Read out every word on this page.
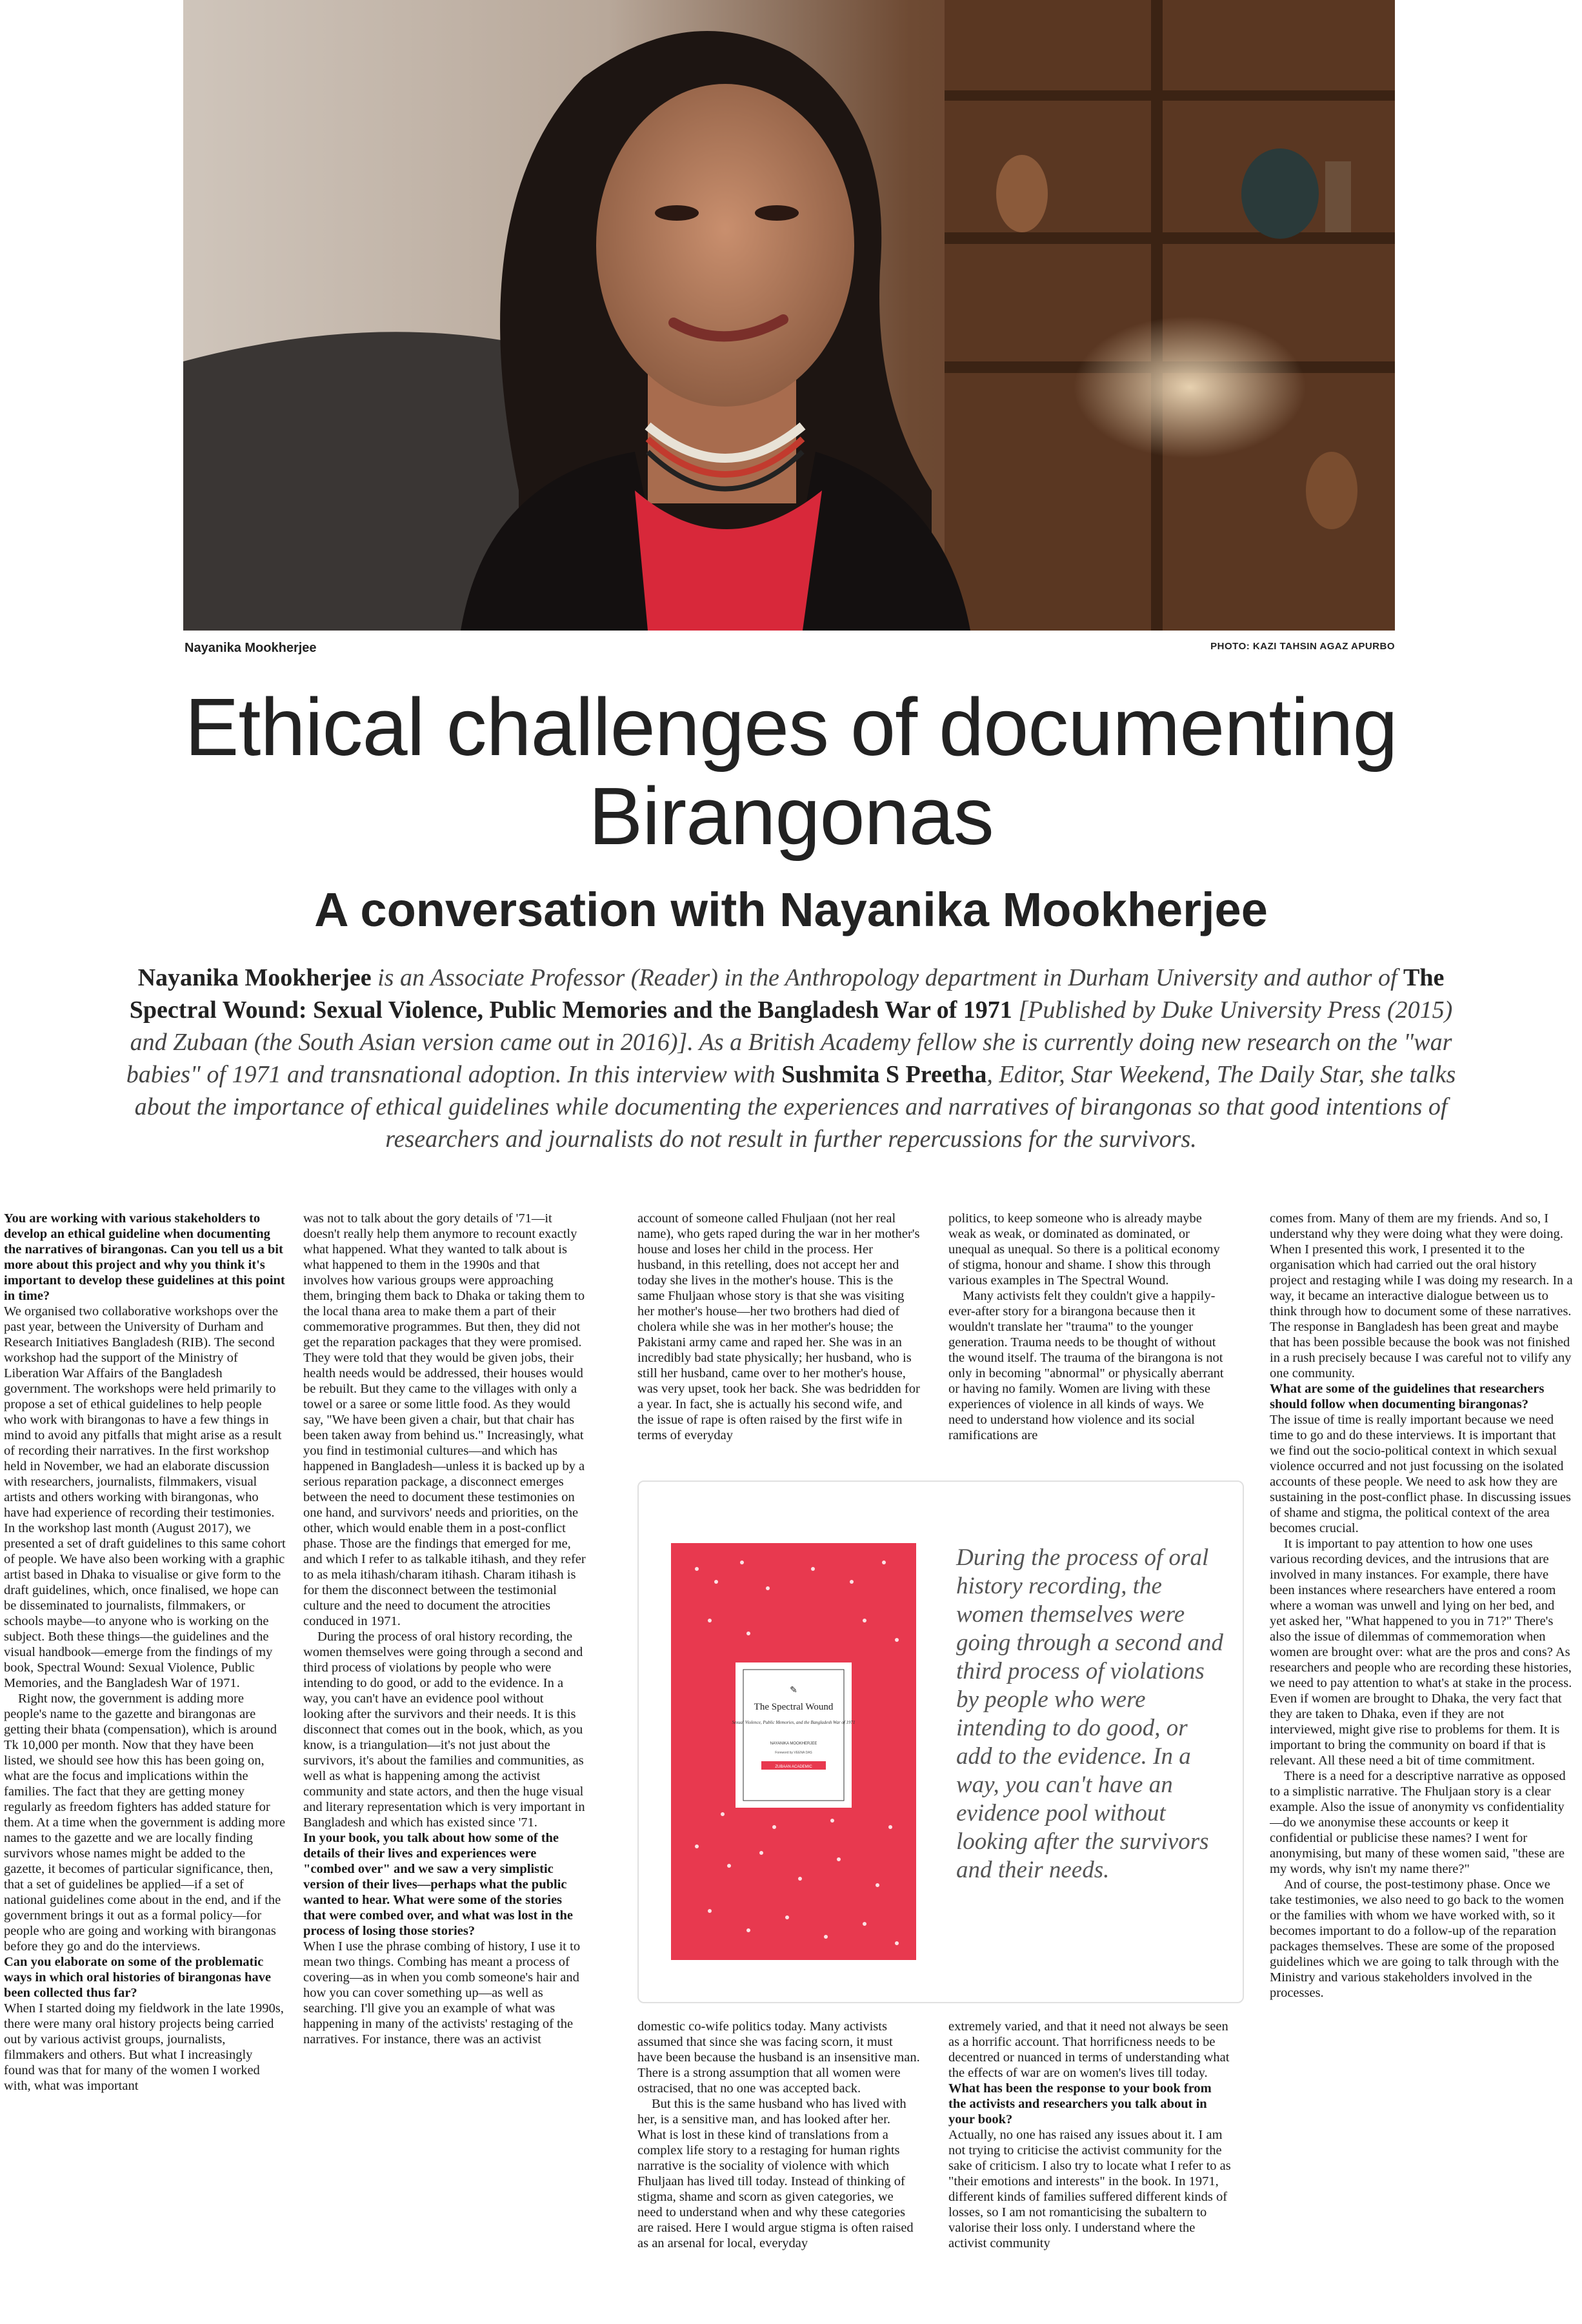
Nayanika Mookherjee	PHOTO: KAZI TAHSIN AGAZ APURBO
Ethical challenges of documenting Birangonas
A conversation with Nayanika Mookherjee

Nayanika Mookherjee is an Associate Professor (Reader) in the Anthropology department in Durham University and author of The Spectral Wound: Sexual Violence, Public Memories and the Bangladesh War of 1971 [Published by Duke University Press (2015) and Zubaan (the South Asian version came out in 2016)]. As a British Academy fellow she is currently doing new research on the "war babies" of 1971 and transnational adoption. In this interview with Sushmita S Preetha, Editor, Star Weekend, The Daily Star, she talks about the importance of ethical guidelines while documenting the experiences and narratives of birangonas so that good intentions of researchers and journalists do not result in further repercussions for the survivors.

You are working with various stakeholders to develop an ethical guideline when documenting the narratives of birangonas. Can you tell us a bit more about this project and why you think it's important to develop these guidelines at this point in time?

We organised two collaborative workshops over the past year, between the University of Durham and Research Initiatives Bangladesh (RIB). The second workshop had the support of the Ministry of Liberation War Affairs of the Bangladesh government. The workshops were held primarily to propose a set of ethical guidelines to help people who work with birangonas to have a few things in mind to avoid any pitfalls that might arise as a result of recording their narratives. In the first workshop held in November, we had an elaborate discussion with researchers, journalists, filmmakers, visual artists and others working with birangonas, who have had experience of recording their testimonies. In the workshop last month (August 2017), we presented a set of draft guidelines to this same cohort of people. We have also been working with a graphic artist based in Dhaka to visualise or give form to the draft guidelines, which, once finalised, we hope can be disseminated to journalists, filmmakers, or schools maybe—to anyone who is working on the subject. Both these things—the guidelines and the visual handbook—emerge from the findings of my book, Spectral Wound: Sexual Violence, Public Memories, and the Bangladesh War of 1971.

Right now, the government is adding more people's name to the gazette and birangonas are getting their bhata (compensation), which is around Tk 10,000 per month. Now that they have been listed, we should see how this has been going on, what are the focus and implications within the families. The fact that they are getting money regularly as freedom fighters has added stature for them. At a time when the government is adding more names to the gazette and we are locally finding survivors whose names might be added to the gazette, it becomes of particular significance, then, that a set of guidelines be applied—if a set of national guidelines come about in the end, and if the government brings it out as a formal policy—for people who are going and working with birangonas before they go and do the interviews.

Can you elaborate on some of the problematic ways in which oral histories of birangonas have been collected thus far?

When I started doing my fieldwork in the late 1990s, there were many oral history projects being carried out by various activist groups, journalists, filmmakers and others. But what I increasingly found was that for many of the women I worked with, what was important

was not to talk about the gory details of '71—it doesn't really help them anymore to recount exactly what happened. What they wanted to talk about is what happened to them in the 1990s and that involves how various groups were approaching them, bringing them back to Dhaka or taking them to the local thana area to make them a part of their commemorative programmes. But then, they did not get the reparation packages that they were promised. They were told that they would be given jobs, their health needs would be addressed, their houses would be rebuilt. But they came to the villages with only a towel or a saree or some little food. As they would say, "We have been given a chair, but that chair has been taken away from behind us." Increasingly, what you find in testimonial cultures—and which has happened in Bangladesh—unless it is backed up by a serious reparation package, a disconnect emerges between the need to document these testimonies on one hand, and survivors' needs and priorities, on the other, which would enable them in a post-conflict phase. Those are the findings that emerged for me, and which I refer to as talkable itihash, and they refer to as mela itihash/charam itihash. Charam itihash is for them the disconnect between the testimonial culture and the need to document the atrocities conduced in 1971.

During the process of oral history recording, the women themselves were going through a second and third process of violations by people who were intending to do good, or add to the evidence. In a way, you can't have an evidence pool without looking after the survivors and their needs. It is this disconnect that comes out in the book, which, as you know, is a triangulation—it's not just about the survivors, it's about the families and communities, as well as what is happening among the activist community and state actors, and then the huge visual and literary representation which is very important in Bangladesh and which has existed since '71.

In your book, you talk about how some of the details of their lives and experiences were "combed over" and we saw a very simplistic version of their lives—perhaps what the public wanted to hear. What were some of the stories that were combed over, and what was lost in the process of losing those stories?

When I use the phrase combing of history, I use it to mean two things. Combing has meant a process of covering—as in when you comb someone's hair and how you can cover something up—as well as searching. I'll give you an example of what was happening in many of the activists' restaging of the narratives. For instance, there was an activist

account of someone called Fhuljaan (not her real name), who gets raped during the war in her mother's house and loses her child in the process. Her husband, in this retelling, does not accept her and today she lives in the mother's house. This is the same Fhuljaan whose story is that she was visiting her mother's house—her two brothers had died of cholera while she was in her mother's house; the Pakistani army came and raped her. She was in an incredibly bad state physically; her husband, who is still her husband, came over to her mother's house, was very upset, took her back. She was bedridden for a year. In fact, she is actually his second wife, and the issue of rape is often raised by the first wife in terms of everyday

politics, to keep someone who is already maybe weak as weak, or dominated as dominated, or unequal as unequal. So there is a political economy of stigma, honour and shame. I show this through various examples in The Spectral Wound.

Many activists felt they couldn't give a happily-ever-after story for a birangona because then it wouldn't translate her "trauma" to the younger generation. Trauma needs to be thought of without the wound itself. The trauma of the birangona is not only in becoming "abnormal" or physically aberrant or having no family. Women are living with these experiences of violence in all kinds of ways. We need to understand how violence and its social ramifications are

domestic co-wife politics today. Many activists assumed that since she was facing scorn, it must have been because the husband is an insensitive man. There is a strong assumption that all women were ostracised, that no one was accepted back.

But this is the same husband who has lived with her, is a sensitive man, and has looked after her. What is lost in these kind of translations from a complex life story to a restaging for human rights narrative is the sociality of violence with which Fhuljaan has lived till today. Instead of thinking of stigma, shame and scorn as given categories, we need to understand when and why these categories are raised. Here I would argue stigma is often raised as an arsenal for local, everyday

extremely varied, and that it need not always be seen as a horrific account. That horrificness needs to be decentred or nuanced in terms of understanding what the effects of war are on women's lives till today.

What has been the response to your book from the activists and researchers you talk about in your book?

Actually, no one has raised any issues about it. I am not trying to criticise the activist community for the sake of criticism. I also try to locate what I refer to as "their emotions and interests" in the book. In 1971, different kinds of families suffered different kinds of losses, so I am not romanticising the subaltern to valorise their loss only. I understand where the activist community

comes from. Many of them are my friends. And so, I understand why they were doing what they were doing. When I presented this work, I presented it to the organisation which had carried out the oral history project and restaging while I was doing my research. In a way, it became an interactive dialogue between us to think through how to document some of these narratives. The response in Bangladesh has been great and maybe that has been possible because the book was not finished in a rush precisely because I was careful not to vilify any one community.

What are some of the guidelines that researchers should follow when documenting birangonas?

The issue of time is really important because we need time to go and do these interviews. It is important that we find out the socio-political context in which sexual violence occurred and not just focussing on the isolated accounts of these people. We need to ask how they are sustaining in the post-conflict phase. In discussing issues of shame and stigma, the political context of the area becomes crucial.

It is important to pay attention to how one uses various recording devices, and the intrusions that are involved in many instances. For example, there have been instances where researchers have entered a room where a woman was unwell and lying on her bed, and yet asked her, "What happened to you in 71?" There's also the issue of dilemmas of commemoration when women are brought over: what are the pros and cons? As researchers and people who are recording these histories, we need to pay attention to what's at stake in the process. Even if women are brought to Dhaka, the very fact that they are taken to Dhaka, even if they are not interviewed, might give rise to problems for them. It is important to bring the community on board if that is relevant. All these need a bit of time commitment.

There is a need for a descriptive narrative as opposed to a simplistic narrative. The Fhuljaan story is a clear example. Also the issue of anonymity vs confidentiality—do we anonymise these accounts or keep it confidential or publicise these names? I went for anonymising, but many of these women said, "these are my words, why isn't my name there?"

And of course, the post-testimony phase. Once we take testimonies, we also need to go back to the women or the families with whom we have worked with, so it becomes important to do a follow-up of the reparation packages themselves. These are some of the proposed guidelines which we are going to talk through with the Ministry and various stakeholders involved in the processes.

✎
The Spectral Wound
Sexual Violence, Public Memories, and the Bangladesh War of 1971
NAYANIKA MOOKHERJEE
Foreword by VEENA DAS
ZUBAAN ACADEMIC

During the process of oral history recording, the women themselves were going through a second and third process of violations by people who were intending to do good, or add to the evidence. In a way, you can't have an evidence pool without looking after the survivors and their needs.
